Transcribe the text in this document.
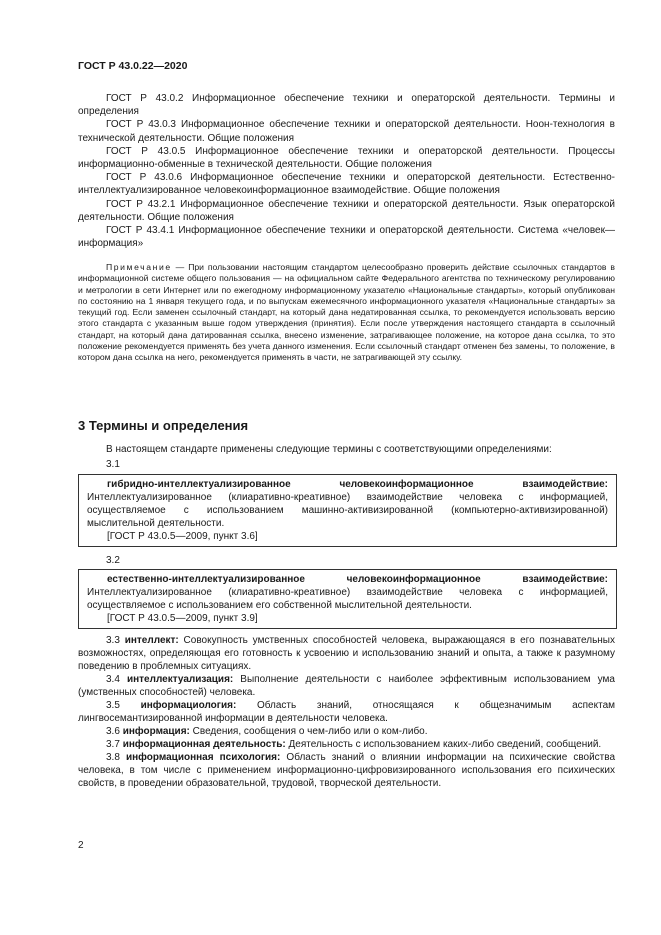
ГОСТ Р 43.0.22—2020

ГОСТ Р 43.0.2 Информационное обеспечение техники и операторской деятельности. Термины и определения

ГОСТ Р 43.0.3 Информационное обеспечение техники и операторской деятельности. Ноон-технология в технической деятельности. Общие положения

ГОСТ Р 43.0.5 Информационное обеспечение техники и операторской деятельности. Процессы информационно-обменные в технической деятельности. Общие положения

ГОСТ Р 43.0.6 Информационное обеспечение техники и операторской деятельности. Естественно-интеллектуализированное человекоинформационное взаимодействие. Общие положения

ГОСТ Р 43.2.1 Информационное обеспечение техники и операторской деятельности. Язык операторской деятельности. Общие положения

ГОСТ Р 43.4.1 Информационное обеспечение техники и операторской деятельности. Система «человек—информация»

Примечание — При пользовании настоящим стандартом целесообразно проверить действие ссылочных стандартов в информационной системе общего пользования — на официальном сайте Федерального агентства по техническому регулированию и метрологии в сети Интернет или по ежегодному информационному указателю «Национальные стандарты», который опубликован по состоянию на 1 января текущего года, и по выпускам ежемесячного информационного указателя «Национальные стандарты» за текущий год. Если заменен ссылочный стандарт, на который дана недатированная ссылка, то рекомендуется использовать версию этого стандарта с указанным выше годом утверждения (принятия). Если после утверждения настоящего стандарта в ссылочный стандарт, на который дана датированная ссылка, внесено изменение, затрагивающее положение, на которое дана ссылка, то это положение рекомендуется применять без учета данного изменения. Если ссылочный стандарт отменен без замены, то положение, в котором дана ссылка на него, рекомендуется применять в части, не затрагивающей эту ссылку.

3 Термины и определения

В настоящем стандарте применены следующие термины с соответствующими определениями:

3.1

гибридно-интеллектуализированное человекоинформационное взаимодействие: Интеллектуализированное (клиаративно-креативное) взаимодействие человека с информацией, осуществляемое с использованием машинно-активизированной (компьютерно-активизированной) мыслительной деятельности.

[ГОСТ Р 43.0.5—2009, пункт 3.6]

3.2

естественно-интеллектуализированное человекоинформационное взаимодействие: Интеллектуализированное (клиаративно-креативное) взаимодействие человека с информацией, осуществляемое с использованием его собственной мыслительной деятельности.

[ГОСТ Р 43.0.5—2009, пункт 3.9]

3.3 интеллект: Совокупность умственных способностей человека, выражающаяся в его познавательных возможностях, определяющая его готовность к усвоению и использованию знаний и опыта, а также к разумному поведению в проблемных ситуациях.

3.4 интеллектуализация: Выполнение деятельности с наиболее эффективным использованием ума (умственных способностей) человека.

3.5 информациология: Область знаний, относящаяся к общезначимым аспектам лингвосемантизированной информации в деятельности человека.

3.6 информация: Сведения, сообщения о чем-либо или о ком-либо.

3.7 информационная деятельность: Деятельность с использованием каких-либо сведений, сообщений.

3.8 информационная психология: Область знаний о влиянии информации на психические свойства человека, в том числе с применением информационно-цифровизированного использования его психических свойств, в проведении образовательной, трудовой, творческой деятельности.

2
